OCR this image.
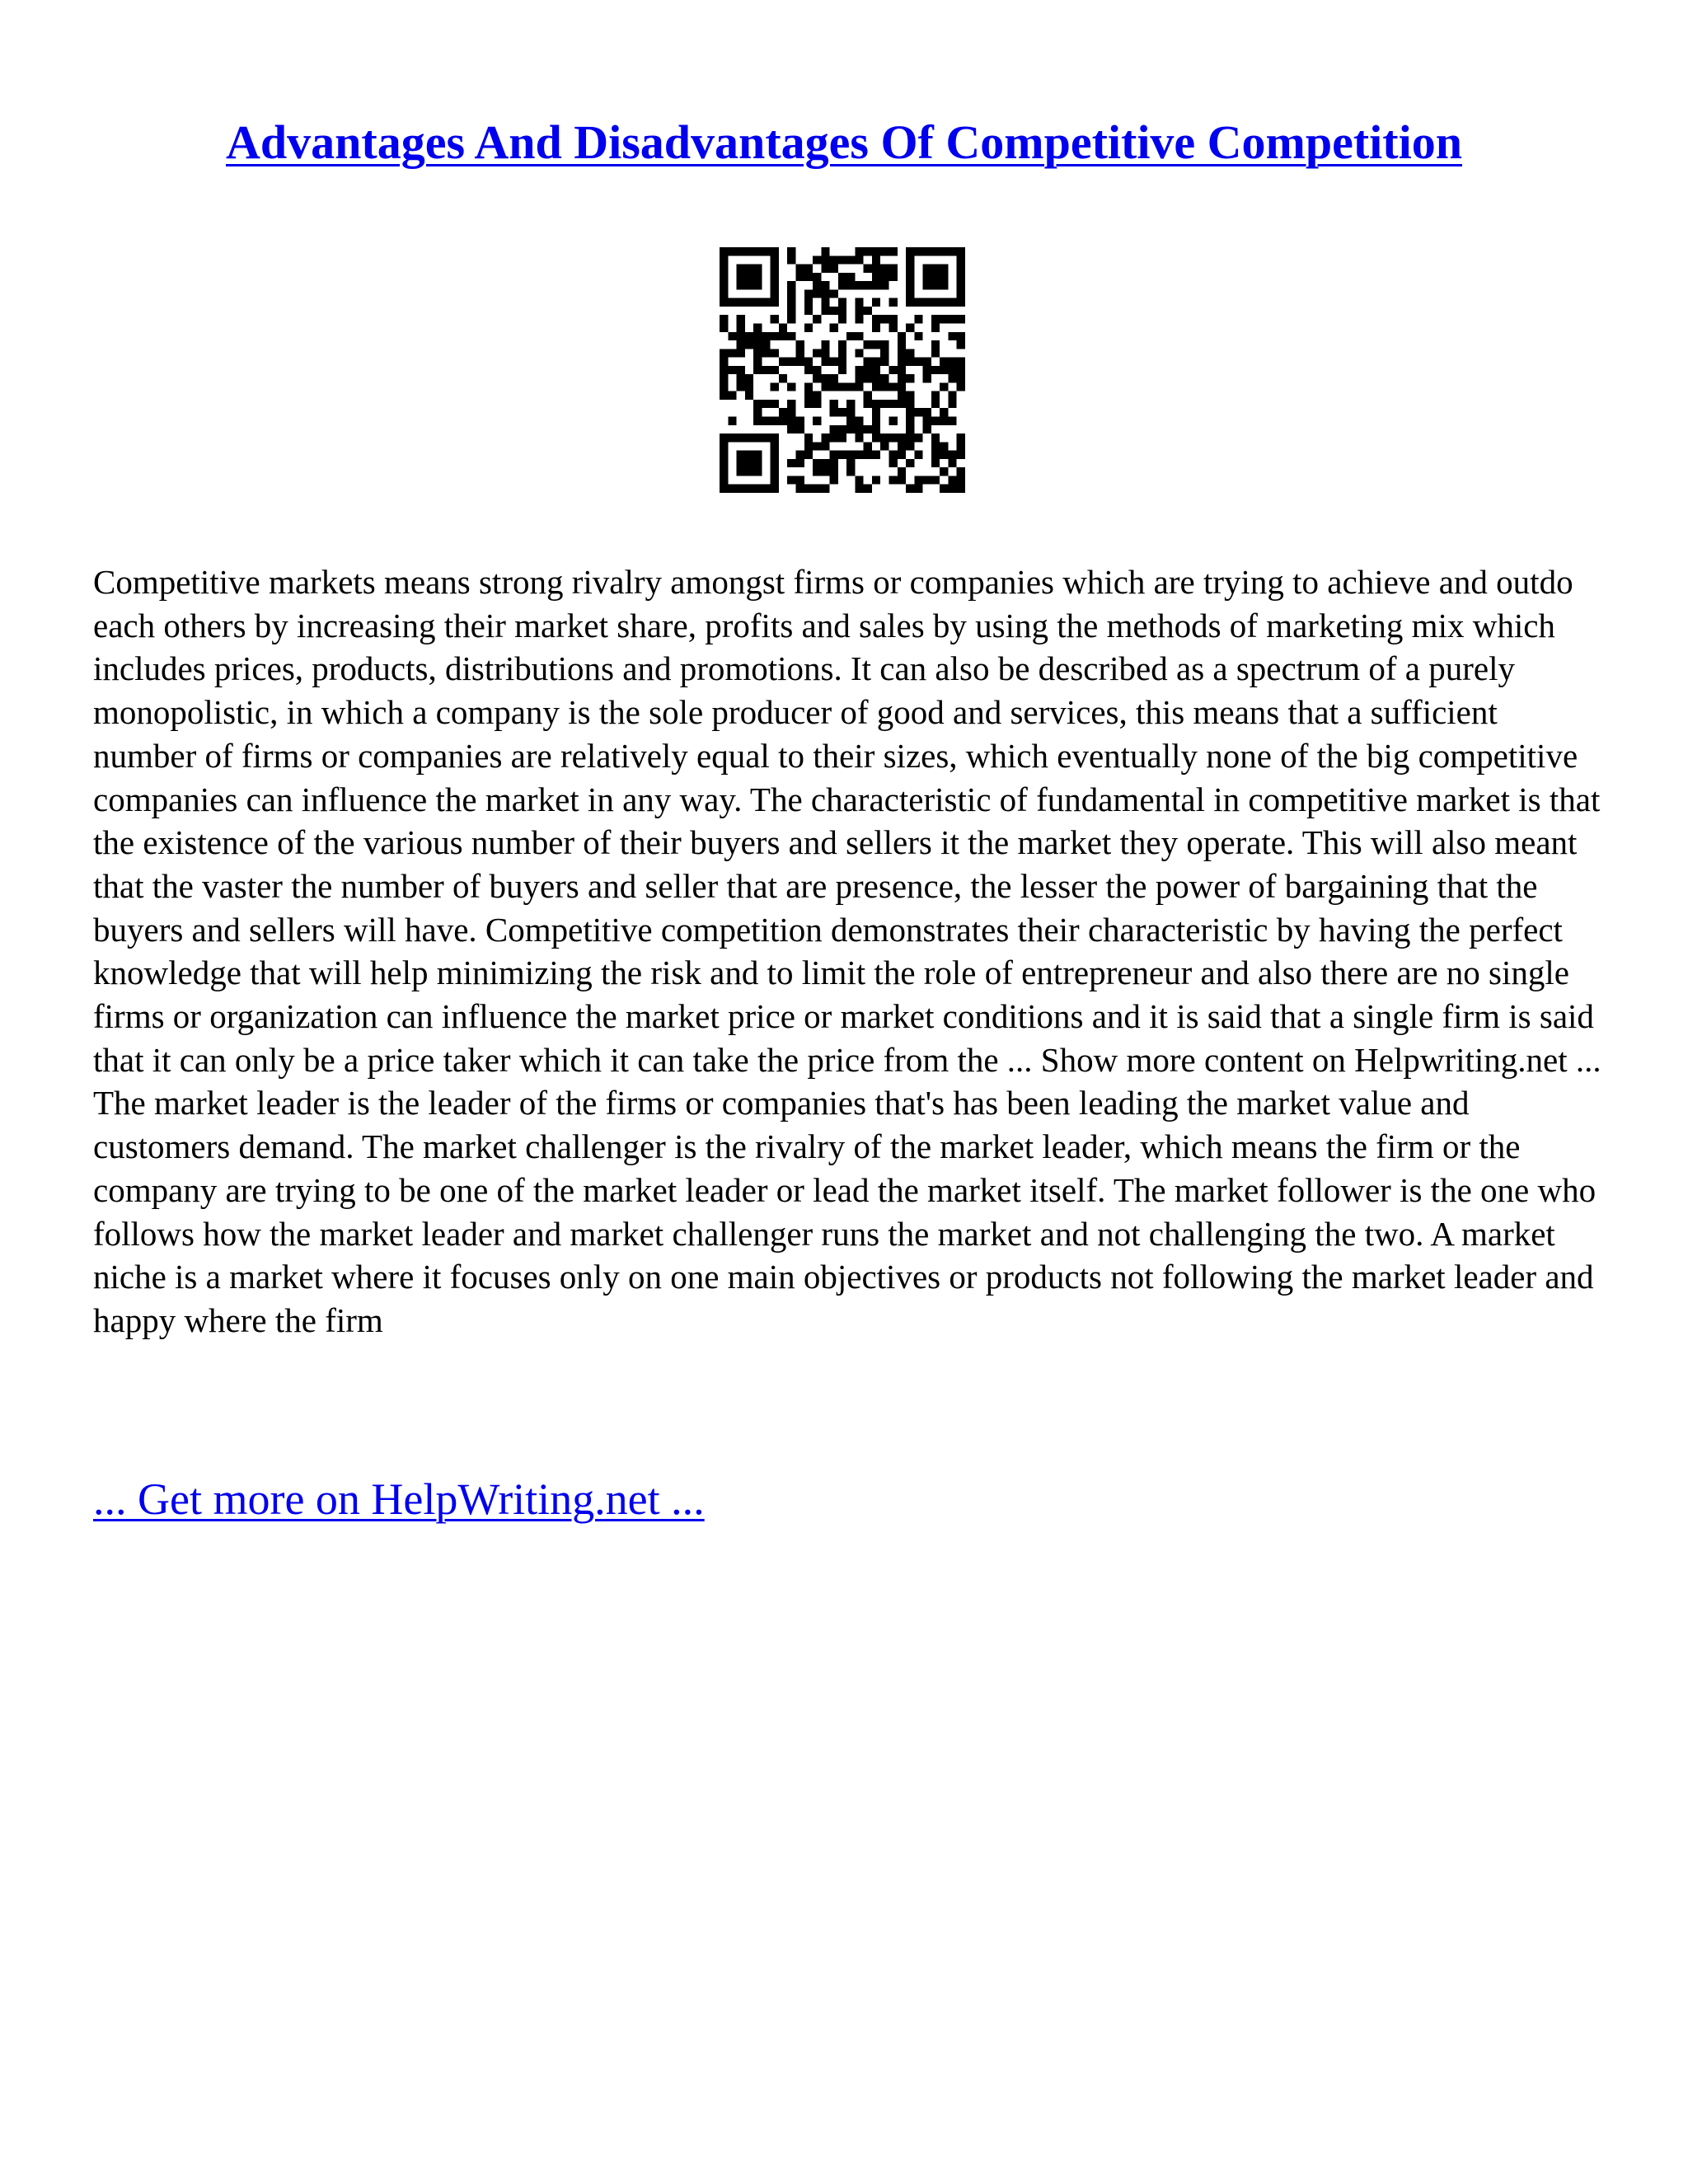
Advantages And Disadvantages Of Competitive Competition

Competitive markets means strong rivalry amongst firms or companies which are trying to achieve and outdo each others by increasing their market share, profits and sales by using the methods of marketing mix which includes prices, products, distributions and promotions. It can also be described as a spectrum of a purely monopolistic, in which a company is the sole producer of good and services, this means that a sufficient number of firms or companies are relatively equal to their sizes, which eventually none of the big competitive companies can influence the market in any way. The characteristic of fundamental in competitive market is that the existence of the various number of their buyers and sellers it the market they operate. This will also meant that the vaster the number of buyers and seller that are presence, the lesser the power of bargaining that the buyers and sellers will have. Competitive competition demonstrates their characteristic by having the perfect knowledge that will help minimizing the risk and to limit the role of entrepreneur and also there are no single firms or organization can influence the market price or market conditions and it is said that a single firm is said that it can only be a price taker which it can take the price from the ... Show more content on Helpwriting.net ...

The market leader is the leader of the firms or companies that's has been leading the market value and customers demand. The market challenger is the rivalry of the market leader, which means the firm or the company are trying to be one of the market leader or lead the market itself. The market follower is the one who follows how the market leader and market challenger runs the market and not challenging the two. A market niche is a market where it focuses only on one main objectives or products not following the market leader and happy where the firm

... Get more on HelpWriting.net ...
